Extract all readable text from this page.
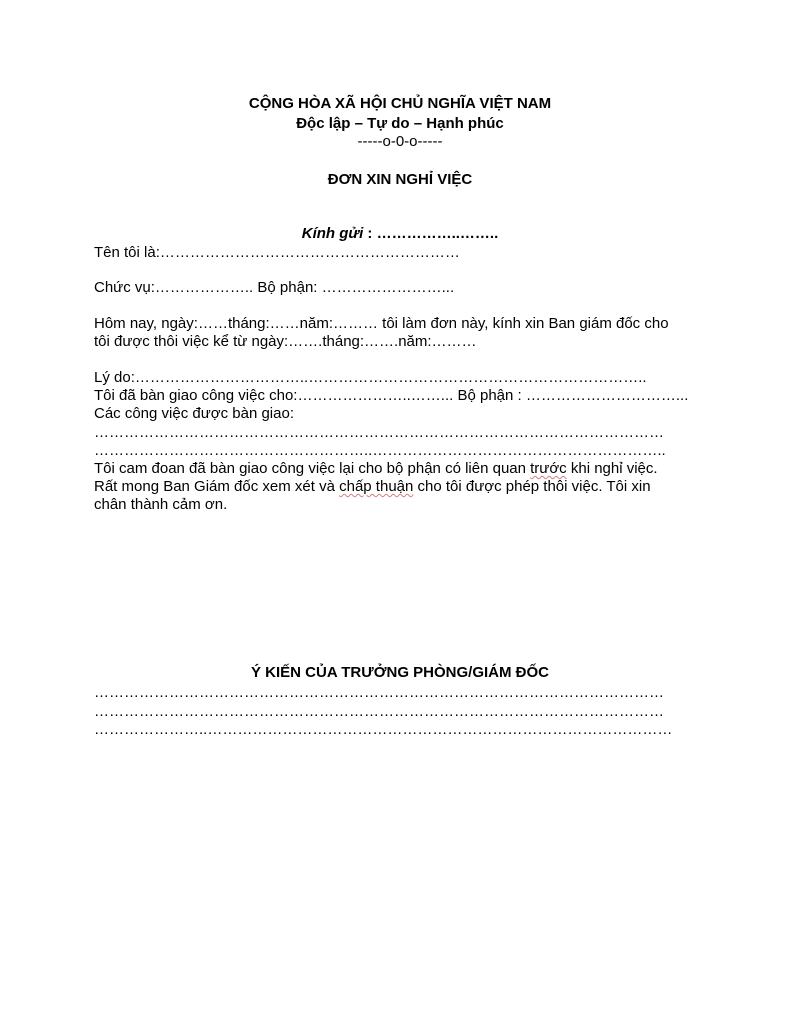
CỘNG HÒA XÃ HỘI CHỦ NGHĨA VIỆT NAM
Độc lập – Tự do – Hạnh phúc
-----o-0-o-----
ĐƠN XIN NGHỈ VIỆC
Kính gửi : ……………..……..
Tên tôi là:……………………………………………………
Chức vụ:……………….. Bộ phận: ……………………...
Hôm nay, ngày:……tháng:……năm:……… tôi làm đơn này, kính xin Ban giám đốc cho
tôi được thôi việc kể từ ngày:…….tháng:…….năm:………
Lý do:……………………………..…………………………………………………………..
Tôi đã bàn giao công việc cho:…………………..……... Bộ phận : …………………………...
Các công việc được bàn giao:
……………………………………………………………………………………………………
………………………………………………..…………………………………………………..
Tôi cam đoan đã bàn giao công việc lại cho bộ phận có liên quan trước khi nghỉ việc.
Rất mong Ban Giám đốc xem xét và chấp thuận cho tôi được phép thôi việc. Tôi xin
chân thành cảm ơn.
Ý KIẾN CỦA TRƯỞNG PHÒNG/GIÁM ĐỐC
……………………………………………………………………………………………………
……………………………………………………………………………………………………
…………………..…………………………………………………………………………………
